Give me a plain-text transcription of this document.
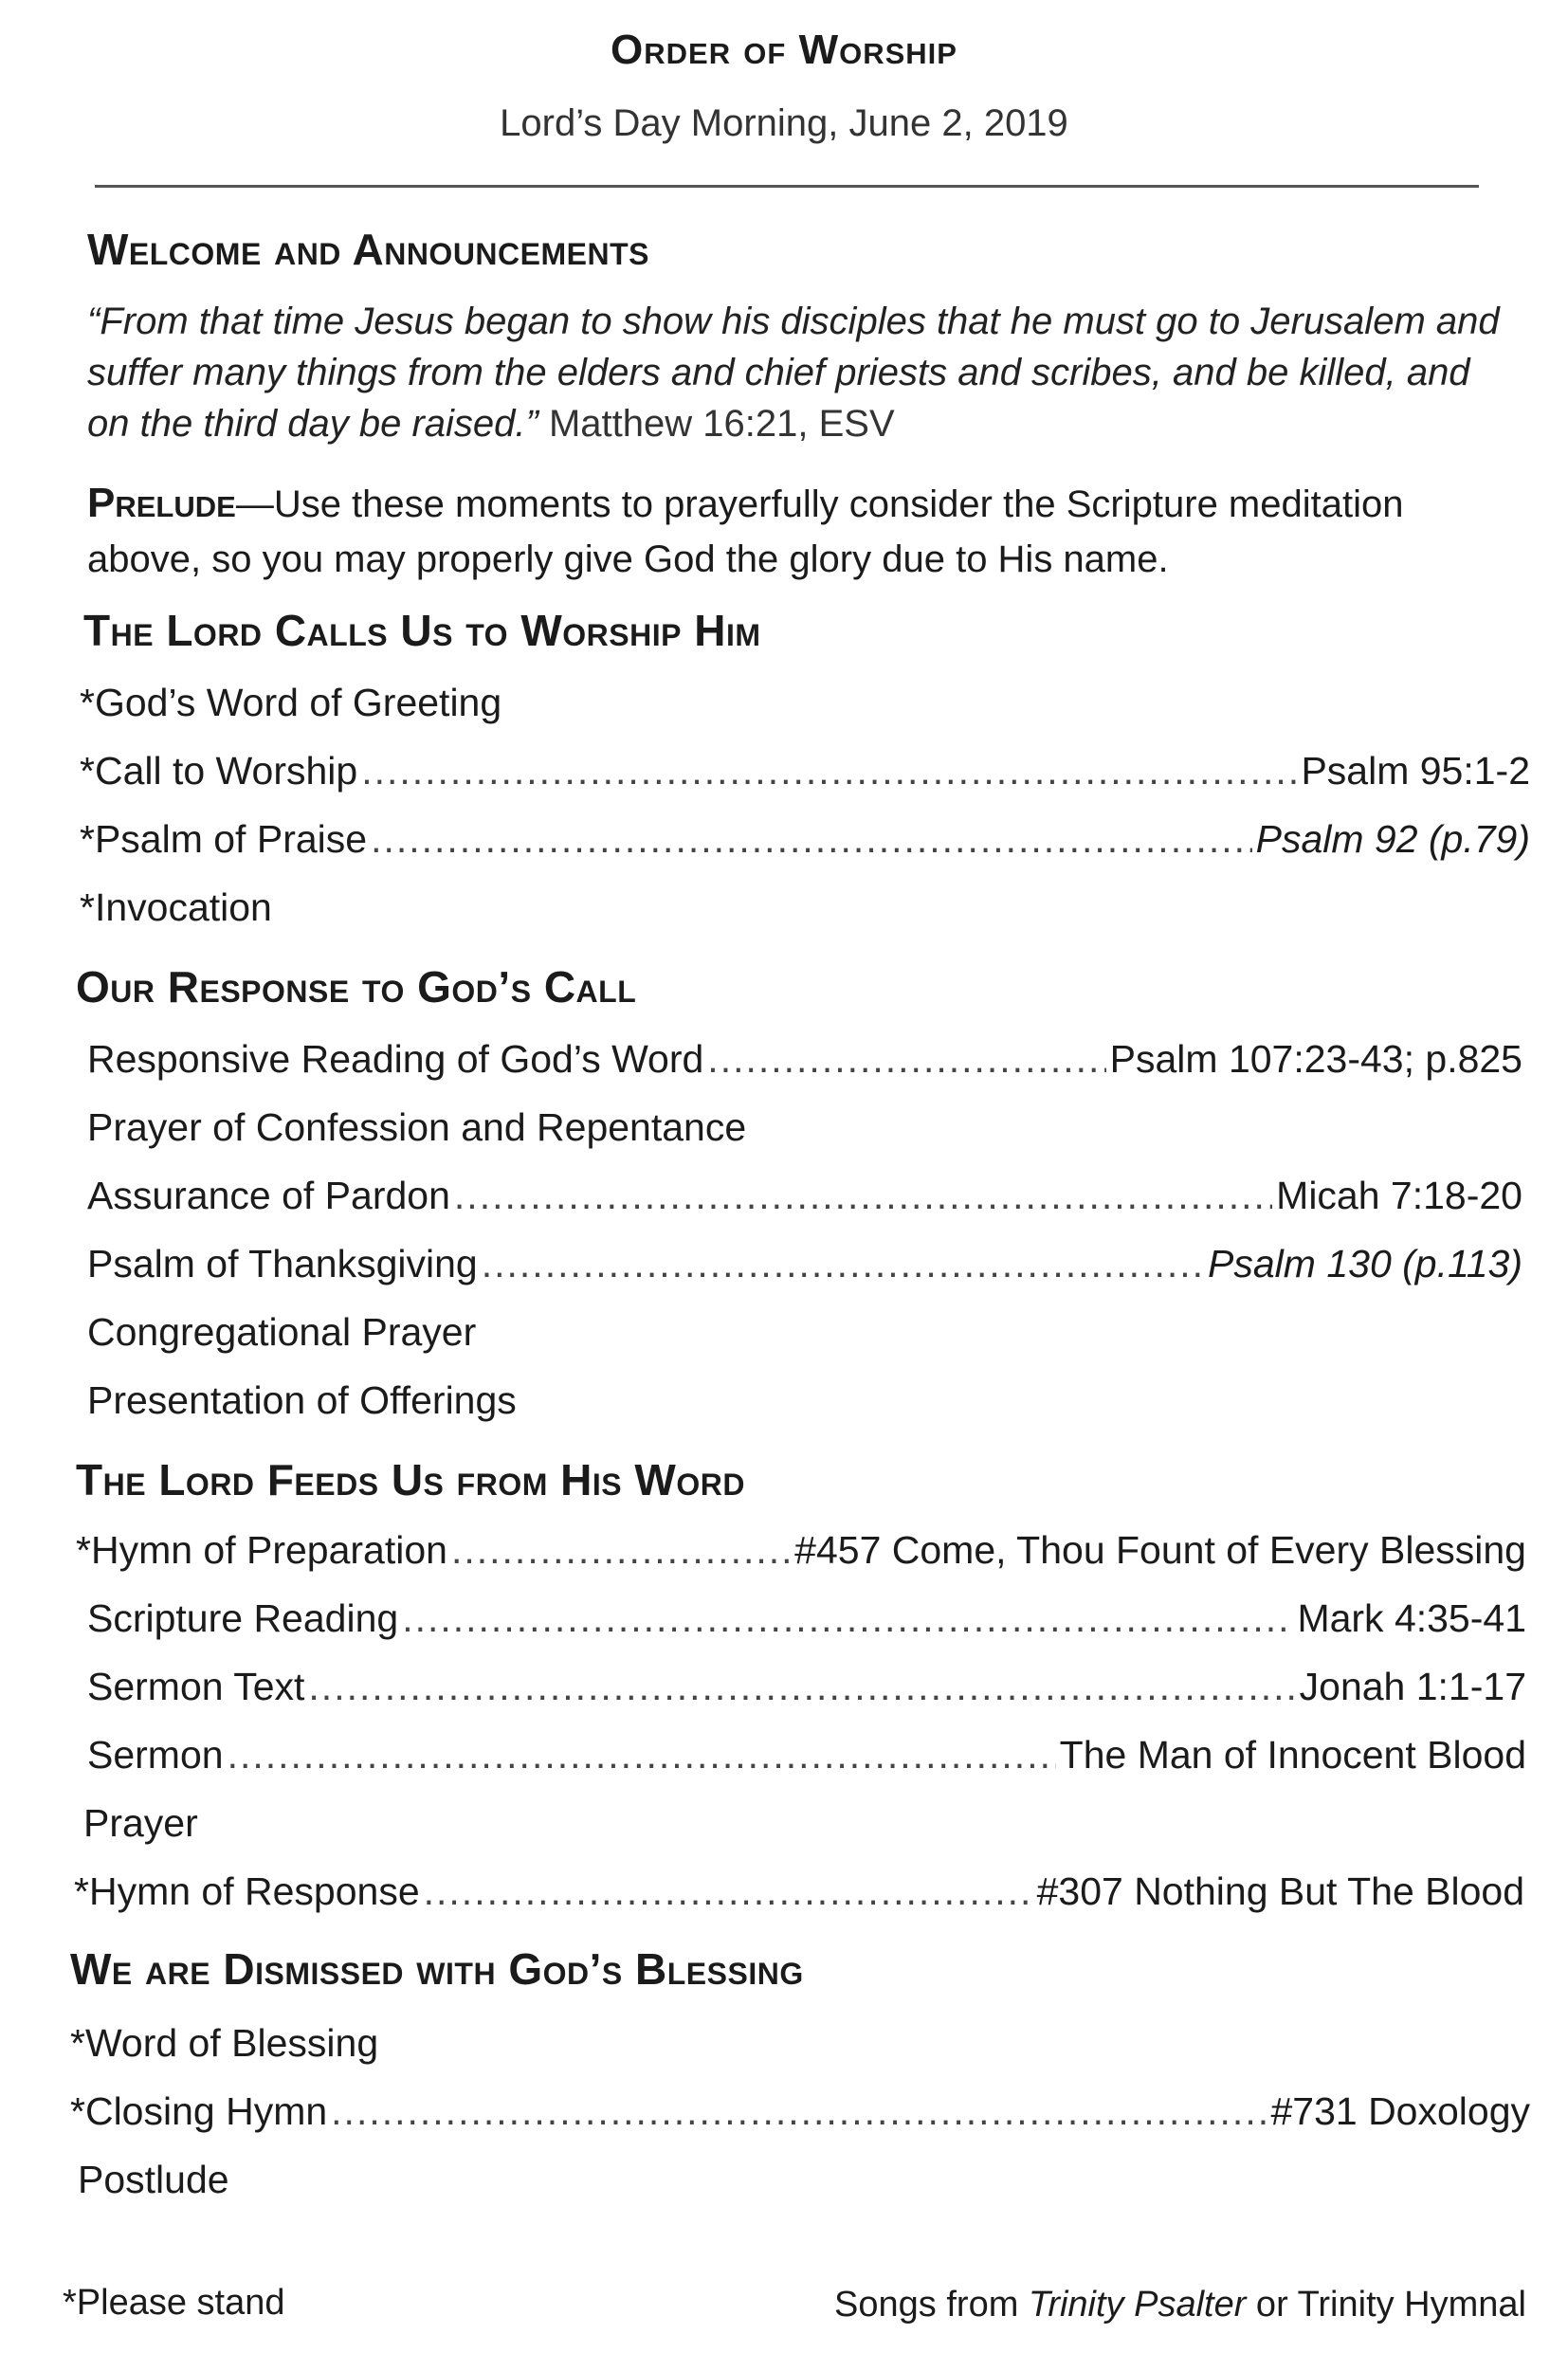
Order of Worship
Lord’s Day Morning, June 2, 2019
Welcome and Announcements
“From that time Jesus began to show his disciples that he must go to Jerusalem and suffer many things from the elders and chief priests and scribes, and be killed, and on the third day be raised.” Matthew 16:21, ESV
Prelude—Use these moments to prayerfully consider the Scripture meditation above, so you may properly give God the glory due to His name.
The Lord Calls Us to Worship Him
*God’s Word of Greeting
*Call to Worship .....	Psalm 95:1-2
*Psalm of Praise .....	Psalm 92 (p.79)
*Invocation
Our Response to God’s Call
Responsive Reading of God’s Word .....	Psalm 107:23-43; p.825
Prayer of Confession and Repentance
Assurance of Pardon .....	Micah 7:18-20
Psalm of Thanksgiving .....	Psalm 130 (p.113)
Congregational Prayer
Presentation of Offerings
The Lord Feeds Us from His Word
*Hymn of Preparation .....	#457 Come, Thou Fount of Every Blessing
Scripture Reading .....	Mark 4:35-41
Sermon Text .....	Jonah 1:1-17
Sermon .....	The Man of Innocent Blood
Prayer
*Hymn of Response .....	#307 Nothing But The Blood
We are Dismissed with God’s Blessing
*Word of Blessing
*Closing Hymn .....	#731 Doxology
Postlude
*Please stand	Songs from Trinity Psalter or Trinity Hymnal
